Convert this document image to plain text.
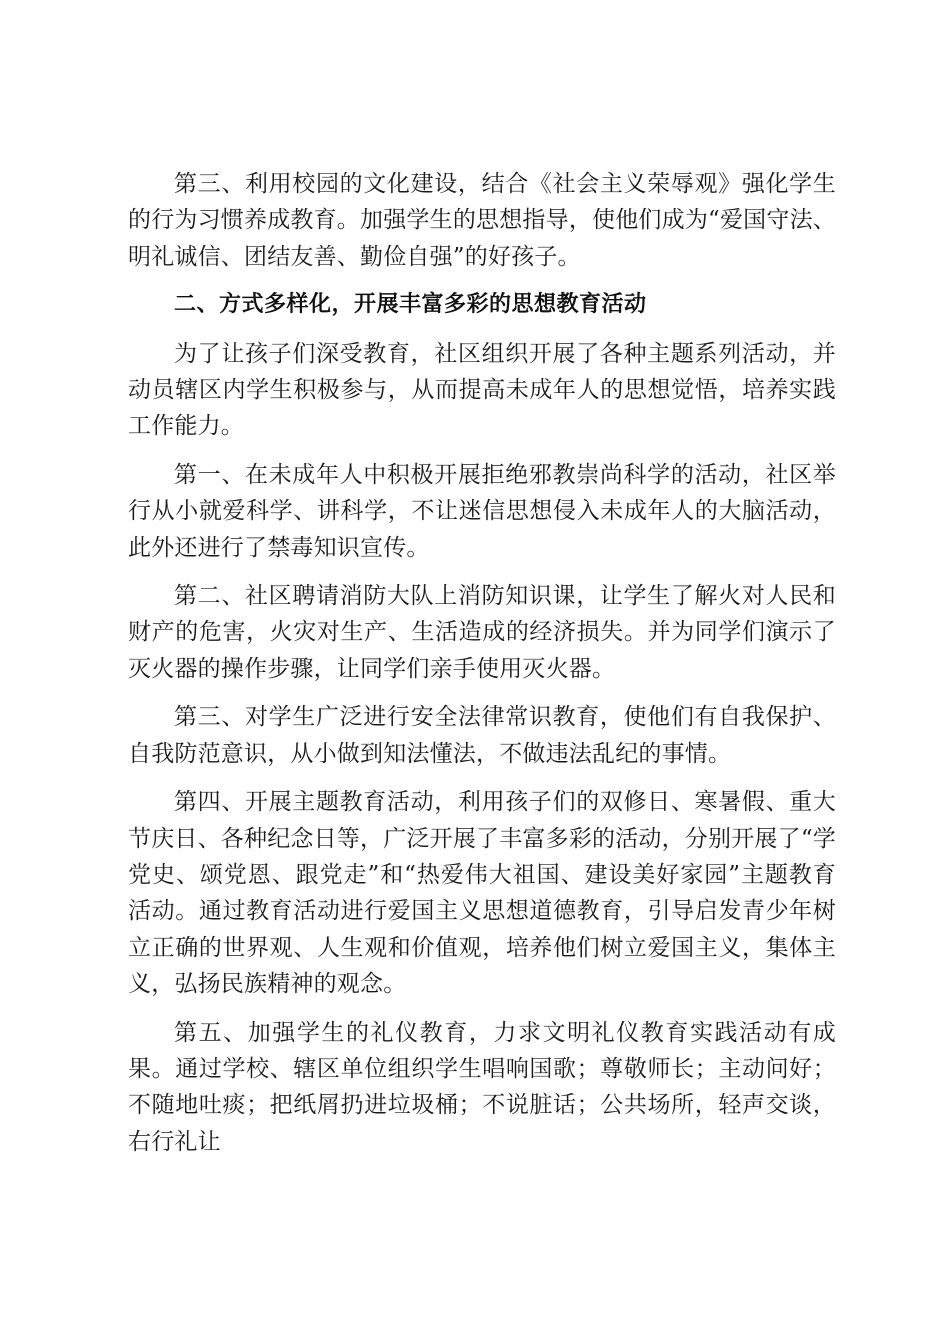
第三、利用校园的文化建设，结合《社会主义荣辱观》强化学生的行为习惯养成教育。加强学生的思想指导，使他们成为“爱国守法、明礼诚信、团结友善、勤俭自强”的好孩子。

二、方式多样化，开展丰富多彩的思想教育活动

为了让孩子们深受教育，社区组织开展了各种主题系列活动，并动员辖区内学生积极参与，从而提高未成年人的思想觉悟，培养实践工作能力。

第一、在未成年人中积极开展拒绝邪教崇尚科学的活动，社区举行从小就爱科学、讲科学，不让迷信思想侵入未成年人的大脑活动，此外还进行了禁毒知识宣传。

第二、社区聘请消防大队上消防知识课，让学生了解火对人民和财产的危害，火灾对生产、生活造成的经济损失。并为同学们演示了灭火器的操作步骤，让同学们亲手使用灭火器。

第三、对学生广泛进行安全法律常识教育，使他们有自我保护、自我防范意识，从小做到知法懂法，不做违法乱纪的事情。

第四、开展主题教育活动，利用孩子们的双修日、寒暑假、重大节庆日、各种纪念日等，广泛开展了丰富多彩的活动，分别开展了“学党史、颂党恩、跟党走”和“热爱伟大祖国、建设美好家园”主题教育活动。通过教育活动进行爱国主义思想道德教育，引导启发青少年树立正确的世界观、人生观和价值观，培养他们树立爱国主义，集体主义，弘扬民族精神的观念。

第五、加强学生的礼仪教育，力求文明礼仪教育实践活动有成果。通过学校、辖区单位组织学生唱响国歌；尊敬师长；主动问好；不随地吐痰；把纸屑扔进垃圾桶；不说脏话；公共场所，轻声交谈，右行礼让
